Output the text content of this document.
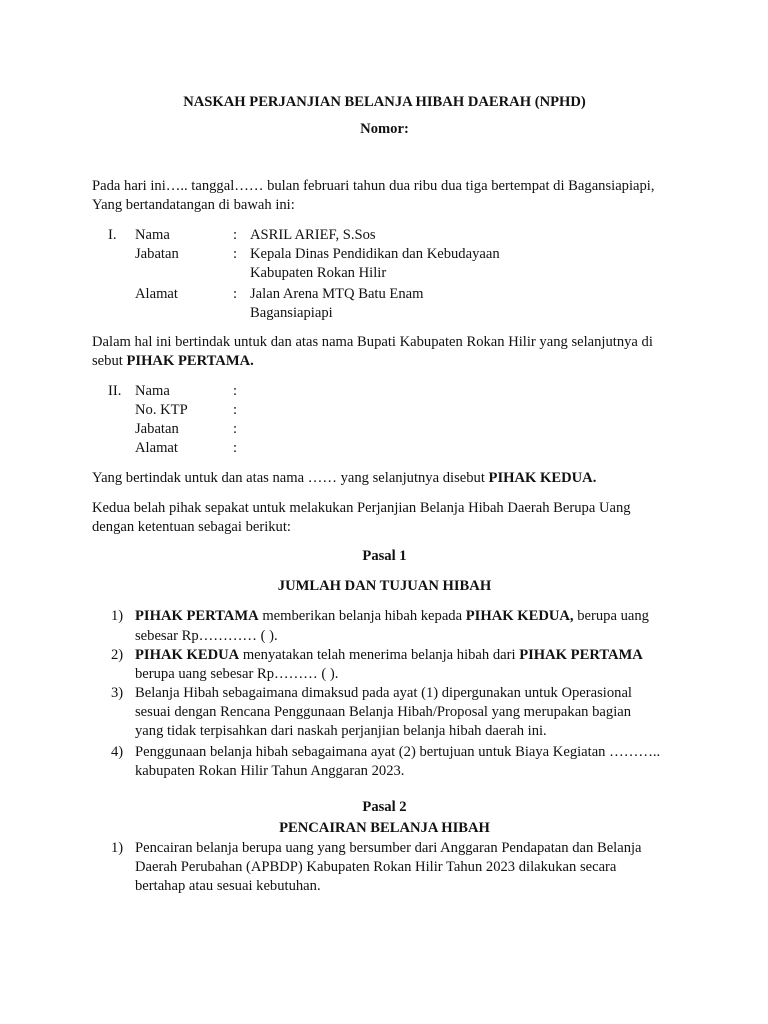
NASKAH PERJANJIAN BELANJA HIBAH DAERAH (NPHD)
Nomor:
Pada hari ini….. tanggal…… bulan februari tahun dua ribu dua tiga bertempat di Bagansiapiapi,
Yang bertandatangan di bawah ini:
I. Nama	: ASRIL ARIEF, S.Sos
Jabatan	: Kepala Dinas Pendidikan dan Kebudayaan
Kabupaten Rokan Hilir
Alamat	: Jalan Arena MTQ Batu Enam
Bagansiapiapi
Dalam hal ini bertindak untuk dan atas nama Bupati Kabupaten Rokan Hilir yang selanjutnya di
sebut PIHAK PERTAMA.
II. Nama	:
No. KTP	:
Jabatan	:
Alamat	:
Yang bertindak untuk dan atas nama …… yang selanjutnya disebut PIHAK KEDUA.
Kedua belah pihak sepakat untuk melakukan Perjanjian Belanja Hibah Daerah Berupa Uang
dengan ketentuan sebagai berikut:
Pasal 1
JUMLAH DAN TUJUAN HIBAH
1) PIHAK PERTAMA memberikan belanja hibah kepada PIHAK KEDUA, berupa uang
sebesar Rp………… ( ).
2) PIHAK KEDUA menyatakan telah menerima belanja hibah dari PIHAK PERTAMA
berupa uang sebesar Rp……… ( ).
3) Belanja Hibah sebagaimana dimaksud pada ayat (1) dipergunakan untuk Operasional
sesuai dengan Rencana Penggunaan Belanja Hibah/Proposal yang merupakan bagian
yang tidak terpisahkan dari naskah perjanjian belanja hibah daerah ini.
4) Penggunaan belanja hibah sebagaimana ayat (2) bertujuan untuk Biaya Kegiatan ………..
kabupaten Rokan Hilir Tahun Anggaran 2023.
Pasal 2
PENCAIRAN BELANJA HIBAH
1) Pencairan belanja berupa uang yang bersumber dari Anggaran Pendapatan dan Belanja
Daerah Perubahan (APBDP) Kabupaten Rokan Hilir Tahun 2023 dilakukan secara
bertahap atau sesuai kebutuhan.
